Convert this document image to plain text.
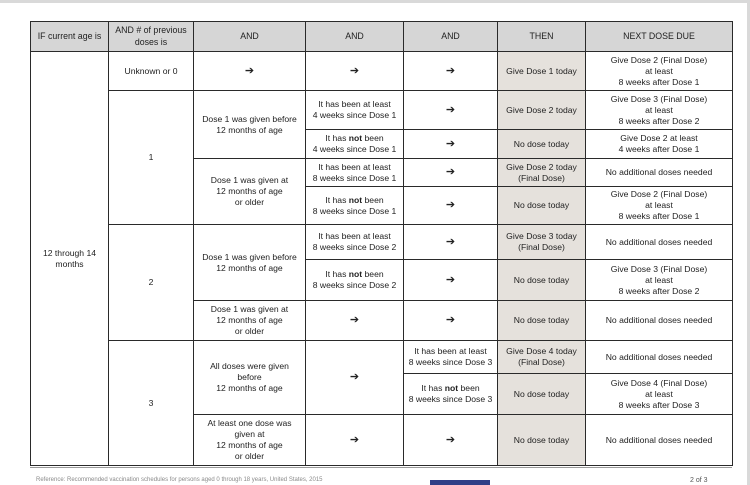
IF current age is	AND # of previous doses is	AND	AND	AND	THEN	NEXT DOSE DUE
12 through 14 months	Unknown or 0	➔	➔	➔	Give Dose 1 today	Give Dose 2 (Final Dose)
at least
8 weeks after Dose 1
	1	Dose 1 was given before
12 months of age	It has been at least
4 weeks since Dose 1	➔	Give Dose 2 today	Give Dose 3 (Final Dose)
at least
8 weeks after Dose 2
			It has not been
4 weeks since Dose 1	➔	No dose today	Give Dose 2 at least
4 weeks after Dose 1
		Dose 1 was given at
12 months of age
or older	It has been at least
8 weeks since Dose 1	➔	Give Dose 2 today
(Final Dose)	No additional doses needed
			It has not been
8 weeks since Dose 1	➔	No dose today	Give Dose 2 (Final Dose)
at least
8 weeks after Dose 1
	2	Dose 1 was given before
12 months of age	It has been at least
8 weeks since Dose 2	➔	Give Dose 3 today
(Final Dose)	No additional doses needed
			It has not been
8 weeks since Dose 2	➔	No dose today	Give Dose 3 (Final Dose)
at least
8 weeks after Dose 2
		Dose 1 was given at
12 months of age
or older	➔	➔	No dose today	No additional doses needed
	3	All doses were given
before
12 months of age	➔	It has been at least
8 weeks since Dose 3	Give Dose 4 today
(Final Dose)	No additional doses needed
				It has not been
8 weeks since Dose 3	No dose today	Give Dose 4 (Final Dose)
at least
8 weeks after Dose 3
		At least one dose was
given at
12 months of age
or older	➔	➔	No dose today	No additional doses needed
Reference: Recommended vaccination schedules for persons aged 0 through 18 years, United States, 2015	2 of 3
